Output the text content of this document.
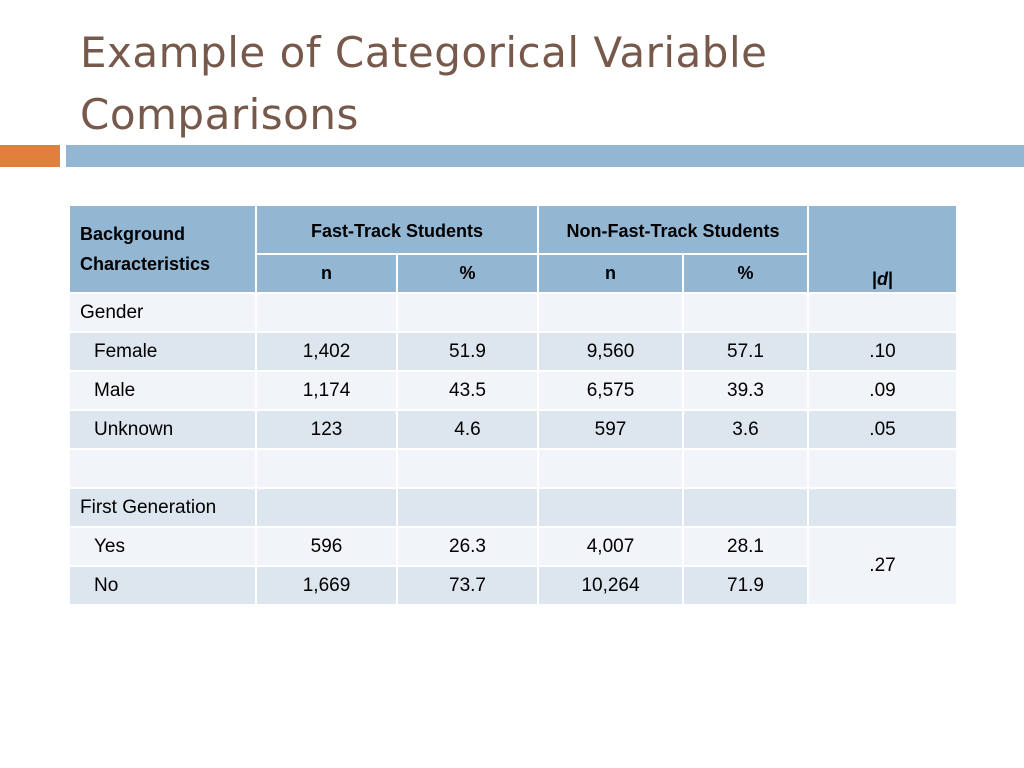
Example of Categorical Variable Comparisons
Background Characteristics	Fast-Track Students		Non-Fast-Track Students		|d|
	n	%	n	%	
Gender					
Female	1,402	51.9	9,560	57.1	.10
Male	1,174	43.5	6,575	39.3	.09
Unknown	123	4.6	597	3.6	.05

First Generation					
Yes	596	26.3	4,007	28.1	.27
No	1,669	73.7	10,264	71.9	
